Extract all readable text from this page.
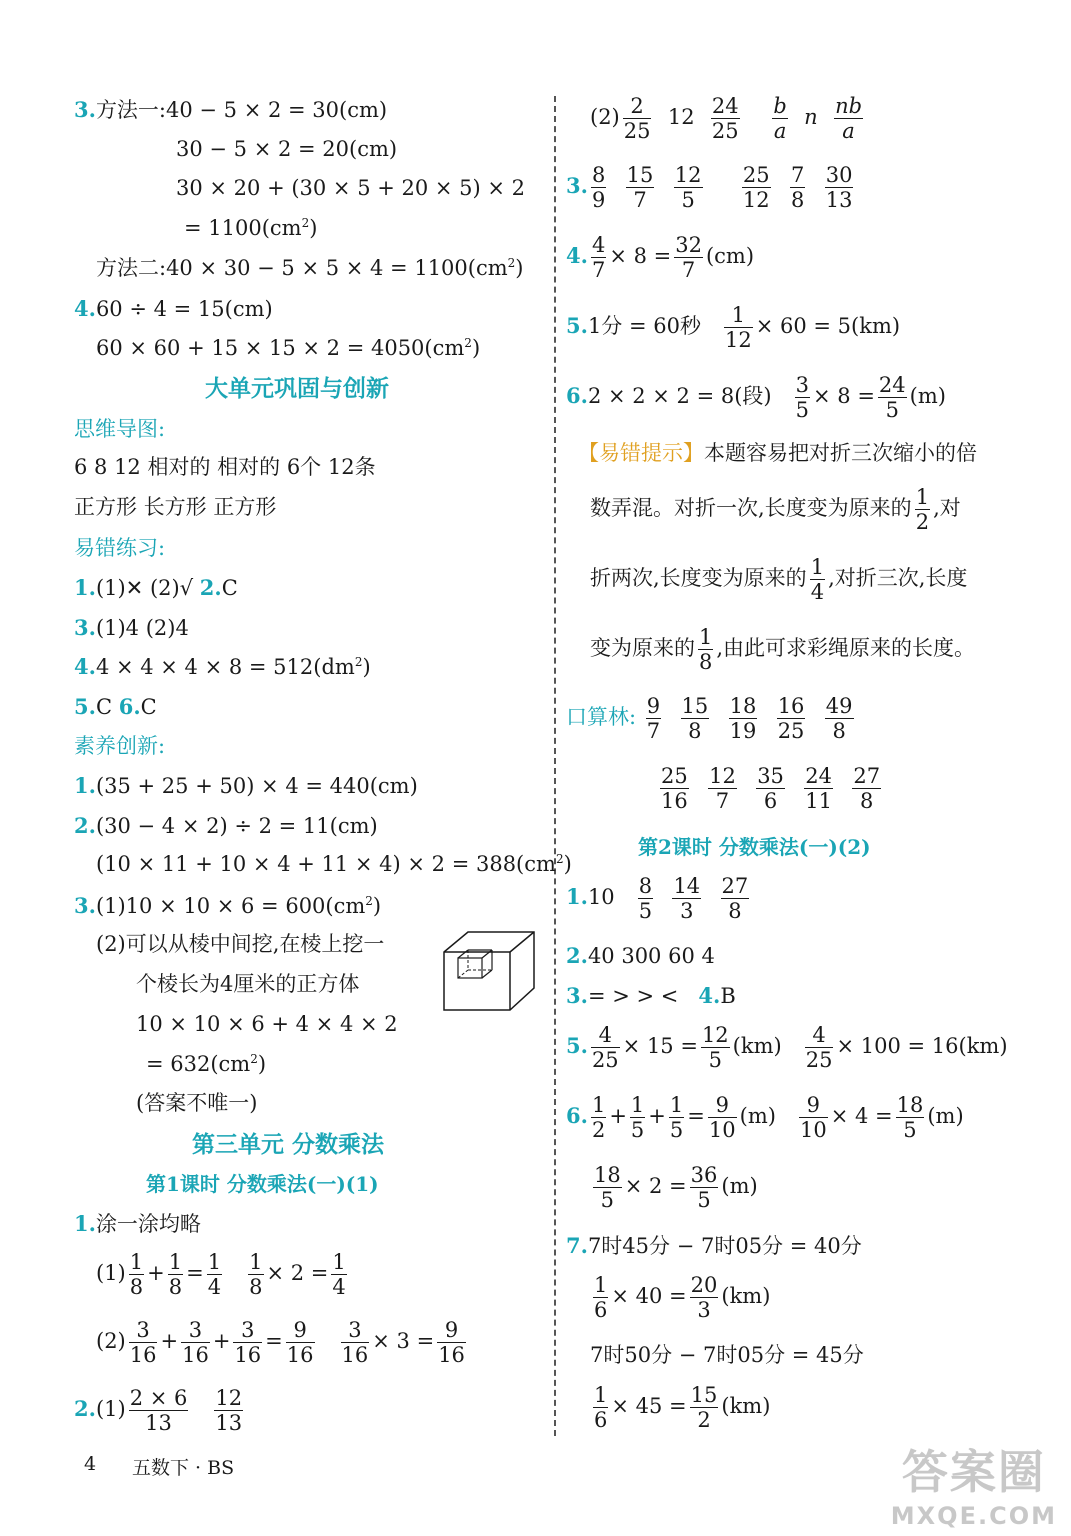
3.方法一:40 − 5 × 2 = 30(cm)
30 − 5 × 2 = 20(cm)
30 × 20 + (30 × 5 + 20 × 5) × 2
= $1100(cm^2)$
方法二:40 × $30 - 5 \times 5 \times 4 = 1100(cm^2)$
4.60 ÷ 4 = 15(cm)
$60 \times 60 + 15 \times 15 \times 2 = 4050(cm^2)$
大单元巩固与创新
思维导图:
6 8 12 相对的 相对的 6个 12条
正方形 长方形 正方形
易错练习:
1.(1)✕ (2)√ 2.C
3.(1)4 (2)4
$4.4 \times 4 \times 4 \times 8 = 512(dm^2)$
5.C 6.C
素养创新:
1.(35 + 25 + 50) × 4 = 440(cm)
2.(30 − 4 × 2) ÷ 2 = 11(cm)
$(10 \times 11 + 10 \times 4 + 11 \times 4) \times 2 = 388(cm^2)$
$3.(1)10 \times 10 \times 6 = 600(cm^2)$
(2)可以从棱中间挖,在棱上挖一
个棱长为4厘米的正方体
10 × 10 × 6 + 4 × 4 × 2
= $632(cm^2)$
(答案不唯一)
第三单元 分数乘法
第1课时 分数乘法(一)(1)
1.涂一涂均略
$(1) \frac{1}{8} + \frac{1}{8} = \frac{1}{4}$
$\frac{1}{8} \times 2 = \frac{1}{4}$
$(2) \frac{3}{16} + \frac{3}{16} + \frac{3}{16} = \frac{9}{16}$
$\frac{3}{16} \times 3 = \frac{9}{16}$
$2.(1) \frac{2 \times 6}{13}$
$\frac{12}{13}$
$(2) \frac{2}{25} 12 \frac{24}{25}$
$\frac{b}{a}$ n $\frac{nb}{a}$
3. $\frac{8}{9}$
$\frac{15}{7}$
$\frac{12}{5}$
$\frac{25}{12}$
$\frac{7}{8}$
$\frac{30}{13}$
4. $\frac{4}{7} \times 8 = \frac{32}{7} (cm)$
5.1分 = 60秒 $\frac{1}{12} \times 60 = 5(km)$
6.2 × 2 × 2 = 8(段) $\frac{3}{5} \times 8 = \frac{24}{5} (m)$
【易错提示】本题容易把对折三次缩小的倍
数弄混。对折一次,长度变为原来的 $\frac{1}{2}$ ,对
折两次,长度变为原来的 $\frac{1}{4}$ ,对折三次,长度
变为原来的 $\frac{1}{8}$ ,由此可求彩绳原来的长度。
口算林: $\frac{9}{7}$
$\frac{15}{8}$
$\frac{18}{19}$
$\frac{16}{25}$
$\frac{49}{8}$
$\frac{25}{16}$
$\frac{12}{7}$
$\frac{35}{6}$
$\frac{24}{11}$
$\frac{27}{8}$
第2课时 分数乘法(一)(2)
$1.10 \frac{8}{5}$
$\frac{14}{3}$
$\frac{27}{8}$
2.40 300 60 4
3.= > > < 4.B
5. $\frac{4}{25} \times 15 = \frac{12}{5} (km) \frac{4}{25} \times 100 = 16(km)$
6. $\frac{1}{2} + \frac{1}{5} + \frac{1}{5} = \frac{9}{10} (m) \frac{9}{10} \times 4 = \frac{18}{5} (m)$
$\frac{18}{5} \times 2 = \frac{36}{5} (m)$
7.7时45分 − 7时05分 = 40分
$\frac{1}{6} \times 40 = \frac{20}{3} (km)$
7时50分 − 7时05分 = 45分
$\frac{1}{6} \times 45 = \frac{15}{2} (km)$
4 五数下 · BS	答案圈
MXQE.COM
